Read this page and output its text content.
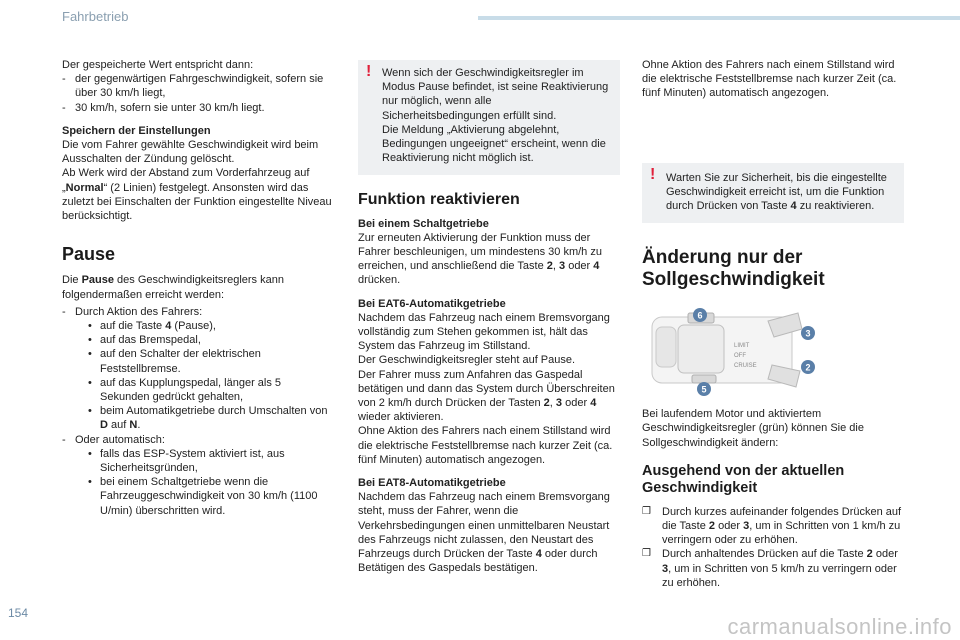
Fahrbetrieb

Der gespeicherte Wert entspricht dann:

- der gegenwärtigen Fahrgeschwindigkeit, sofern sie über 30 km/h liegt,
- 30 km/h, sofern sie unter 30 km/h liegt.

Speichern der Einstellungen

Die vom Fahrer gewählte Geschwindigkeit wird beim Ausschalten der Zündung gelöscht.

Ab Werk wird der Abstand zum Vorderfahrzeug auf „Normal“ (2 Linien) festgelegt. Ansonsten wird das zuletzt bei Einschalten der Funktion eingestellte Niveau berücksichtigt.

Pause

Die Pause des Geschwindigkeitsreglers kann folgendermaßen erreicht werden:

- Durch Aktion des Fahrers:
• auf die Taste 4 (Pause),
• auf das Bremspedal,
• auf den Schalter der elektrischen Feststellbremse.
• auf das Kupplungspedal, länger als 5 Sekunden gedrückt gehalten,
• beim Automatikgetriebe durch Umschalten von D auf N.
- Oder automatisch:
• falls das ESP-System aktiviert ist, aus Sicherheitsgründen,
• bei einem Schaltgetriebe wenn die Fahrzeuggeschwindigkeit von 30 km/h (1100 U/min) überschritten wird.
! Wenn sich der Geschwindigkeitsregler im Modus Pause befindet, ist seine Reaktivierung nur möglich, wenn alle Sicherheitsbedingungen erfüllt sind.

Die Meldung „Aktivierung abgelehnt, Bedingungen ungeeignet“ erscheint, wenn die Reaktivierung nicht möglich ist.

Funktion reaktivieren

Bei einem Schaltgetriebe

Zur erneuten Aktivierung der Funktion muss der Fahrer beschleunigen, um mindestens 30 km/h zu erreichen, und anschließend die Taste 2, 3 oder 4 drücken.

Bei EAT6-Automatikgetriebe

Nachdem das Fahrzeug nach einem Bremsvorgang vollständig zum Stehen gekommen ist, hält das System das Fahrzeug im Stillstand.

Der Geschwindigkeitsregler steht auf Pause.

Der Fahrer muss zum Anfahren das Gaspedal betätigen und dann das System durch Überschreiten von 2 km/h durch Drücken der Tasten 2, 3 oder 4 wieder aktivieren.

Ohne Aktion des Fahrers nach einem Stillstand wird die elektrische Feststellbremse nach kurzer Zeit (ca. fünf Minuten) automatisch angezogen.

Bei EAT8-Automatikgetriebe

Nachdem das Fahrzeug nach einem Bremsvorgang steht, muss der Fahrer, wenn die Verkehrsbedingungen einen unmittelbaren Neustart des Fahrzeugs nicht zulassen, den Neustart des Fahrzeugs durch Drücken der Taste 4 oder durch Betätigen des Gaspedals bestätigen.

Ohne Aktion des Fahrers nach einem Stillstand wird die elektrische Feststellbremse nach kurzer Zeit (ca. fünf Minuten) automatisch angezogen.

! Warten Sie zur Sicherheit, bis die eingestellte Geschwindigkeit erreicht ist, um die Funktion durch Drücken von Taste 4 zu reaktivieren.

Änderung nur der
Sollgeschwindigkeit
LIMIT
OFF
CRUISE
6
3
2
5

Bei laufendem Motor und aktiviertem Geschwindigkeitsregler (grün) können Sie die Sollgeschwindigkeit ändern:

Ausgehend von der aktuellen
Geschwindigkeit
❒	Durch kurzes aufeinander folgendes Drücken auf die Taste 2 oder 3, um in Schritten von 1 km/h zu verringern oder zu erhöhen.
❒	Durch anhaltendes Drücken auf die Taste 2 oder 3, um in Schritten von 5 km/h zu verringern oder zu erhöhen.
154
carmanualsonline.info
